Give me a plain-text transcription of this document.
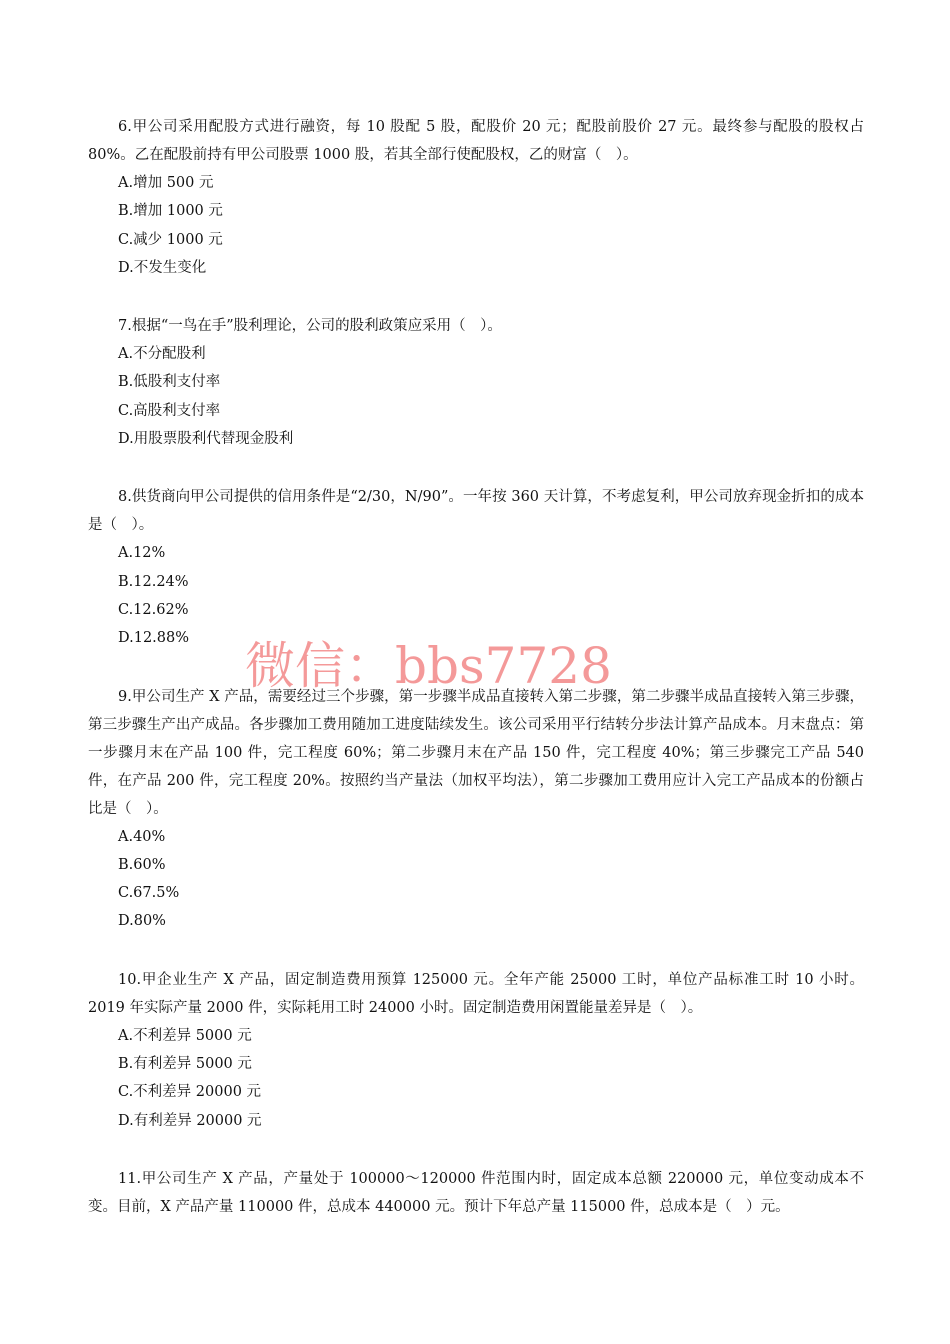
6.甲公司采用配股方式进行融资，每 10 股配 5 股，配股价 20 元；配股前股价 27 元。最终参与配股的股权占 80%。乙在配股前持有甲公司股票 1000 股，若其全部行使配股权，乙的财富（　）。

A.增加 500 元
B.增加 1000 元
C.减少 1000 元
D.不发生变化

7.根据“一鸟在手”股利理论，公司的股利政策应采用（　）。

A.不分配股利
B.低股利支付率
C.高股利支付率
D.用股票股利代替现金股利

8.供货商向甲公司提供的信用条件是“2/30，N/90”。一年按 360 天计算，不考虑复利，甲公司放弃现金折扣的成本是（　）。

A.12%
B.12.24%
C.12.62%
D.12.88%

9.甲公司生产 X 产品，需要经过三个步骤，第一步骤半成品直接转入第二步骤，第二步骤半成品直接转入第三步骤，第三步骤生产出产成品。各步骤加工费用随加工进度陆续发生。该公司采用平行结转分步法计算产品成本。月末盘点：第一步骤月末在产品 100 件，完工程度 60%；第二步骤月末在产品 150 件，完工程度 40%；第三步骤完工产品 540 件，在产品 200 件，完工程度 20%。按照约当产量法（加权平均法），第二步骤加工费用应计入完工产品成本的份额占比是（　）。

A.40%
B.60%
C.67.5%
D.80%

10.甲企业生产 X 产品，固定制造费用预算 125000 元。全年产能 25000 工时，单位产品标准工时 10 小时。2019 年实际产量 2000 件，实际耗用工时 24000 小时。固定制造费用闲置能量差异是（　）。

A.不利差异 5000 元
B.有利差异 5000 元
C.不利差异 20000 元
D.有利差异 20000 元

11.甲公司生产 X 产品，产量处于 100000～120000 件范围内时，固定成本总额 220000 元，单位变动成本不变。目前，X 产品产量 110000 件，总成本 440000 元。预计下年总产量 115000 件，总成本是（　）元。

微信：bbs7728
